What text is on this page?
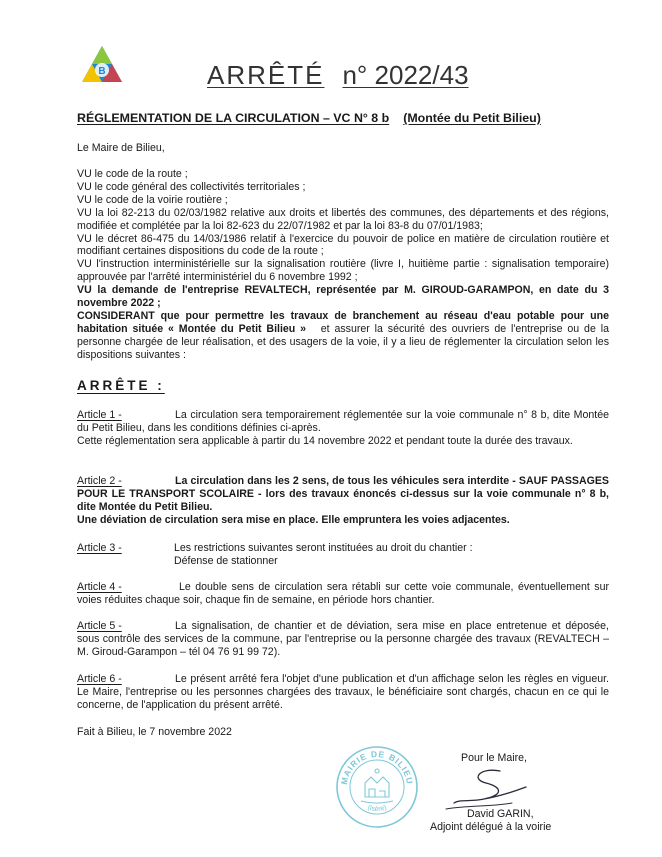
B	ARRÊTÉ n° 2022/43
RÉGLEMENTATION DE LA CIRCULATION – VC N° 8 b (Montée du Petit Bilieu)
Le Maire de Bilieu,
VU le code de la route ;
VU le code général des collectivités territoriales ;
VU le code de la voirie routière ;
VU la loi 82-213 du 02/03/1982 relative aux droits et libertés des communes, des départements et des régions, modifiée et complétée par la loi 82-623 du 22/07/1982 et par la loi 83-8 du 07/01/1983;
VU le décret 86-475 du 14/03/1986 relatif à l'exercice du pouvoir de police en matière de circulation routière et modifiant certaines dispositions du code de la route ;
VU l'instruction interministérielle sur la signalisation routière (livre I, huitième partie : signalisation temporaire) approuvée par l'arrêté interministériel du 6 novembre 1992 ;
VU la demande de l'entreprise REVALTECH, représentée par M. GIROUD-GARAMPON, en date du 3 novembre 2022 ;
CONSIDERANT que pour permettre les travaux de branchement au réseau d'eau potable pour une habitation située « Montée du Petit Bilieu » et assurer la sécurité des ouvriers de l'entreprise ou de la personne chargée de leur réalisation, et des usagers de la voie, il y a lieu de réglementer la circulation selon les dispositions suivantes :
ARRÊTE :
Article 1 -	La circulation sera temporairement réglementée sur la voie communale n° 8 b, dite Montée du Petit Bilieu, dans les conditions définies ci-après.
Cette réglementation sera applicable à partir du 14 novembre 2022 et pendant toute la durée des travaux.
Article 2 -	La circulation dans les 2 sens, de tous les véhicules sera interdite - SAUF PASSAGES POUR LE TRANSPORT SCOLAIRE - lors des travaux énoncés ci-dessus sur la voie communale n° 8 b, dite Montée du Petit Bilieu.
Une déviation de circulation sera mise en place. Elle empruntera les voies adjacentes.
Article 3 -	Les restrictions suivantes seront instituées au droit du chantier :
Défense de stationner
Article 4 -	Le double sens de circulation sera rétabli sur cette voie communale, éventuellement sur voies réduites chaque soir, chaque fin de semaine, en période hors chantier.
Article 5 -	La signalisation, de chantier et de déviation, sera mise en place entretenue et déposée, sous contrôle des services de la commune, par l'entreprise ou la personne chargée des travaux (REVALTECH – M. Giroud-Garampon – tél 04 76 91 99 72).
Article 6 -	Le présent arrêté fera l'objet d'une publication et d'un affichage selon les règles en vigueur. Le Maire, l'entreprise ou les personnes chargées des travaux, le bénéficiaire sont chargés, chacun en ce qui le concerne, de l'application du présent arrêté.
Fait à Bilieu, le 7 novembre 2022
MAIRIE DE BILIEU
(Isère)
Pour le Maire,
David GARIN,
Adjoint délégué à la voirie
